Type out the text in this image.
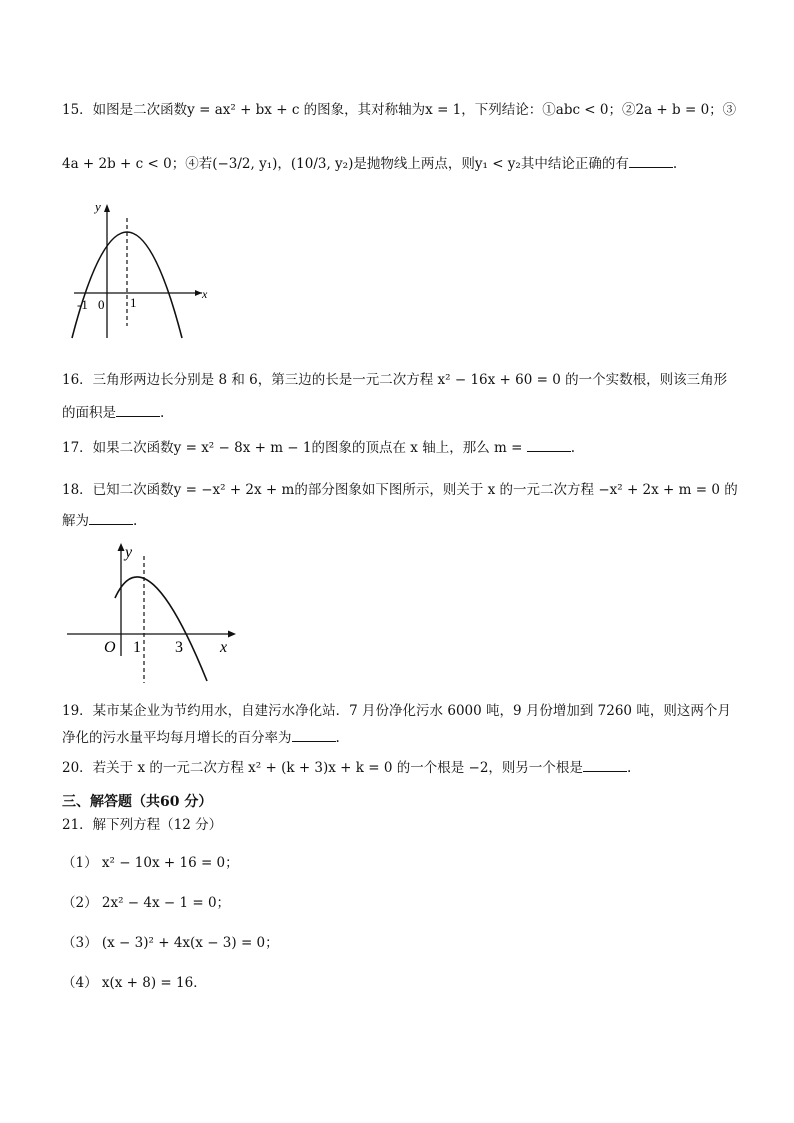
15．如图是二次函数y = ax² + bx + c 的图象，其对称轴为x = 1，下列结论：①abc < 0；②2a + b = 0；③
4a + 2b + c < 0；④若(−3/2, y₁)，(10/3, y₂)是抛物线上两点，则y₁ < y₂其中结论正确的有	.
y
x
-1 0 1
16．三角形两边长分别是 8 和 6，第三边的长是一元二次方程 x² − 16x + 60 = 0 的一个实数根，则该三角形
的面积是	.
17．如果二次函数y = x² − 8x + m − 1的图象的顶点在 x 轴上，那么 m =	.
18．已知二次函数y = −x² + 2x + m的部分图象如下图所示，则关于 x 的一元二次方程 −x² + 2x + m = 0 的
解为	.
y
x
O 1 3
19．某市某企业为节约用水，自建污水净化站．7 月份净化污水 6000 吨，9 月份增加到 7260 吨，则这两个月
净化的污水量平均每月增长的百分率为	.
20．若关于 x 的一元二次方程 x² + (k + 3)x + k = 0 的一个根是 −2，则另一个根是	.
三、解答题（共60 分）
21．解下列方程（12 分）
（1） x² − 10x + 16 = 0；
（2） 2x² − 4x − 1 = 0；
（3） (x − 3)² + 4x(x − 3) = 0；
（4） x(x + 8) = 16．
